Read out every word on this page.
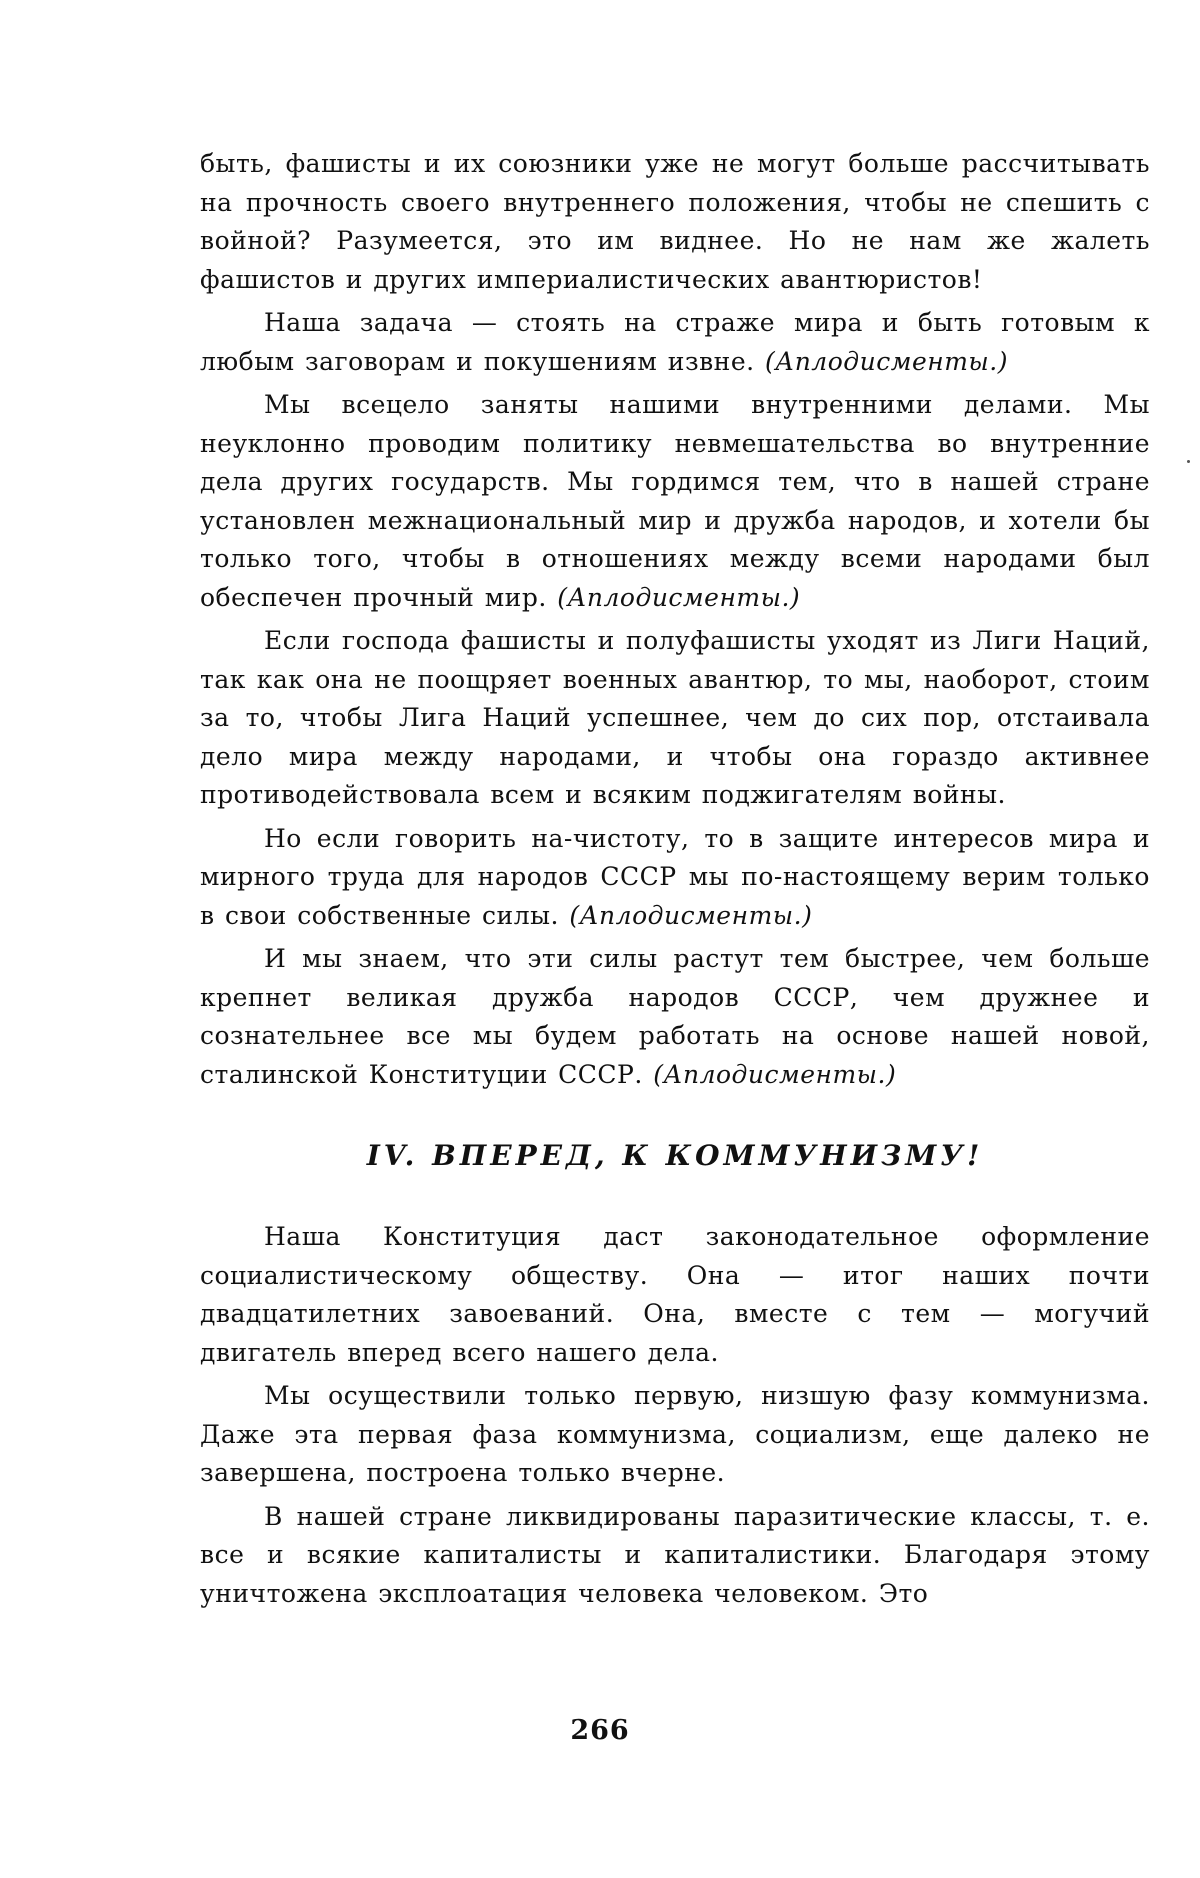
быть, фашисты и их союзники уже не могут больше рассчитывать на прочность своего внутреннего положения, чтобы не спешить с войной? Разумеется, это им виднее. Но не нам же жалеть фашистов и других империалистических авантюристов!

Наша задача — стоять на страже мира и быть готовым к любым заговорам и покушениям извне. (Аплодисменты.)

Мы всецело заняты нашими внутренними делами. Мы неуклонно проводим политику невмешательства во внутренние дела других государств. Мы гордимся тем, что в нашей стране установлен межнациональный мир и дружба народов, и хотели бы только того, чтобы в отношениях между всеми народами был обеспечен прочный мир. (Аплодисменты.)

Если господа фашисты и полуфашисты уходят из Лиги Наций, так как она не поощряет военных авантюр, то мы, наоборот, стоим за то, чтобы Лига Наций успешнее, чем до сих пор, отстаивала дело мира между народами, и чтобы она гораздо активнее противодействовала всем и всяким поджигателям войны.

Но если говорить на-чистоту, то в защите интересов мира и мирного труда для народов СССР мы по-настоящему верим только в свои собственные силы. (Аплодисменты.)

И мы знаем, что эти силы растут тем быстрее, чем больше крепнет великая дружба народов СССР, чем дружнее и сознательнее все мы будем работать на основе нашей новой, сталинской Конституции СССР. (Аплодисменты.)

IV. ВПЕРЕД, К КОММУНИЗМУ!

Наша Конституция даст законодательное оформление социалистическому обществу. Она — итог наших почти двадцатилетних завоеваний. Она, вместе с тем — могучий двигатель вперед всего нашего дела.

Мы осуществили только первую, низшую фазу коммунизма. Даже эта первая фаза коммунизма, социализм, еще далеко не завершена, построена только вчерне.

В нашей стране ликвидированы паразитические классы, т. е. все и всякие капиталисты и капиталистики. Благодаря этому уничтожена эксплоатация человека человеком. Это

266
